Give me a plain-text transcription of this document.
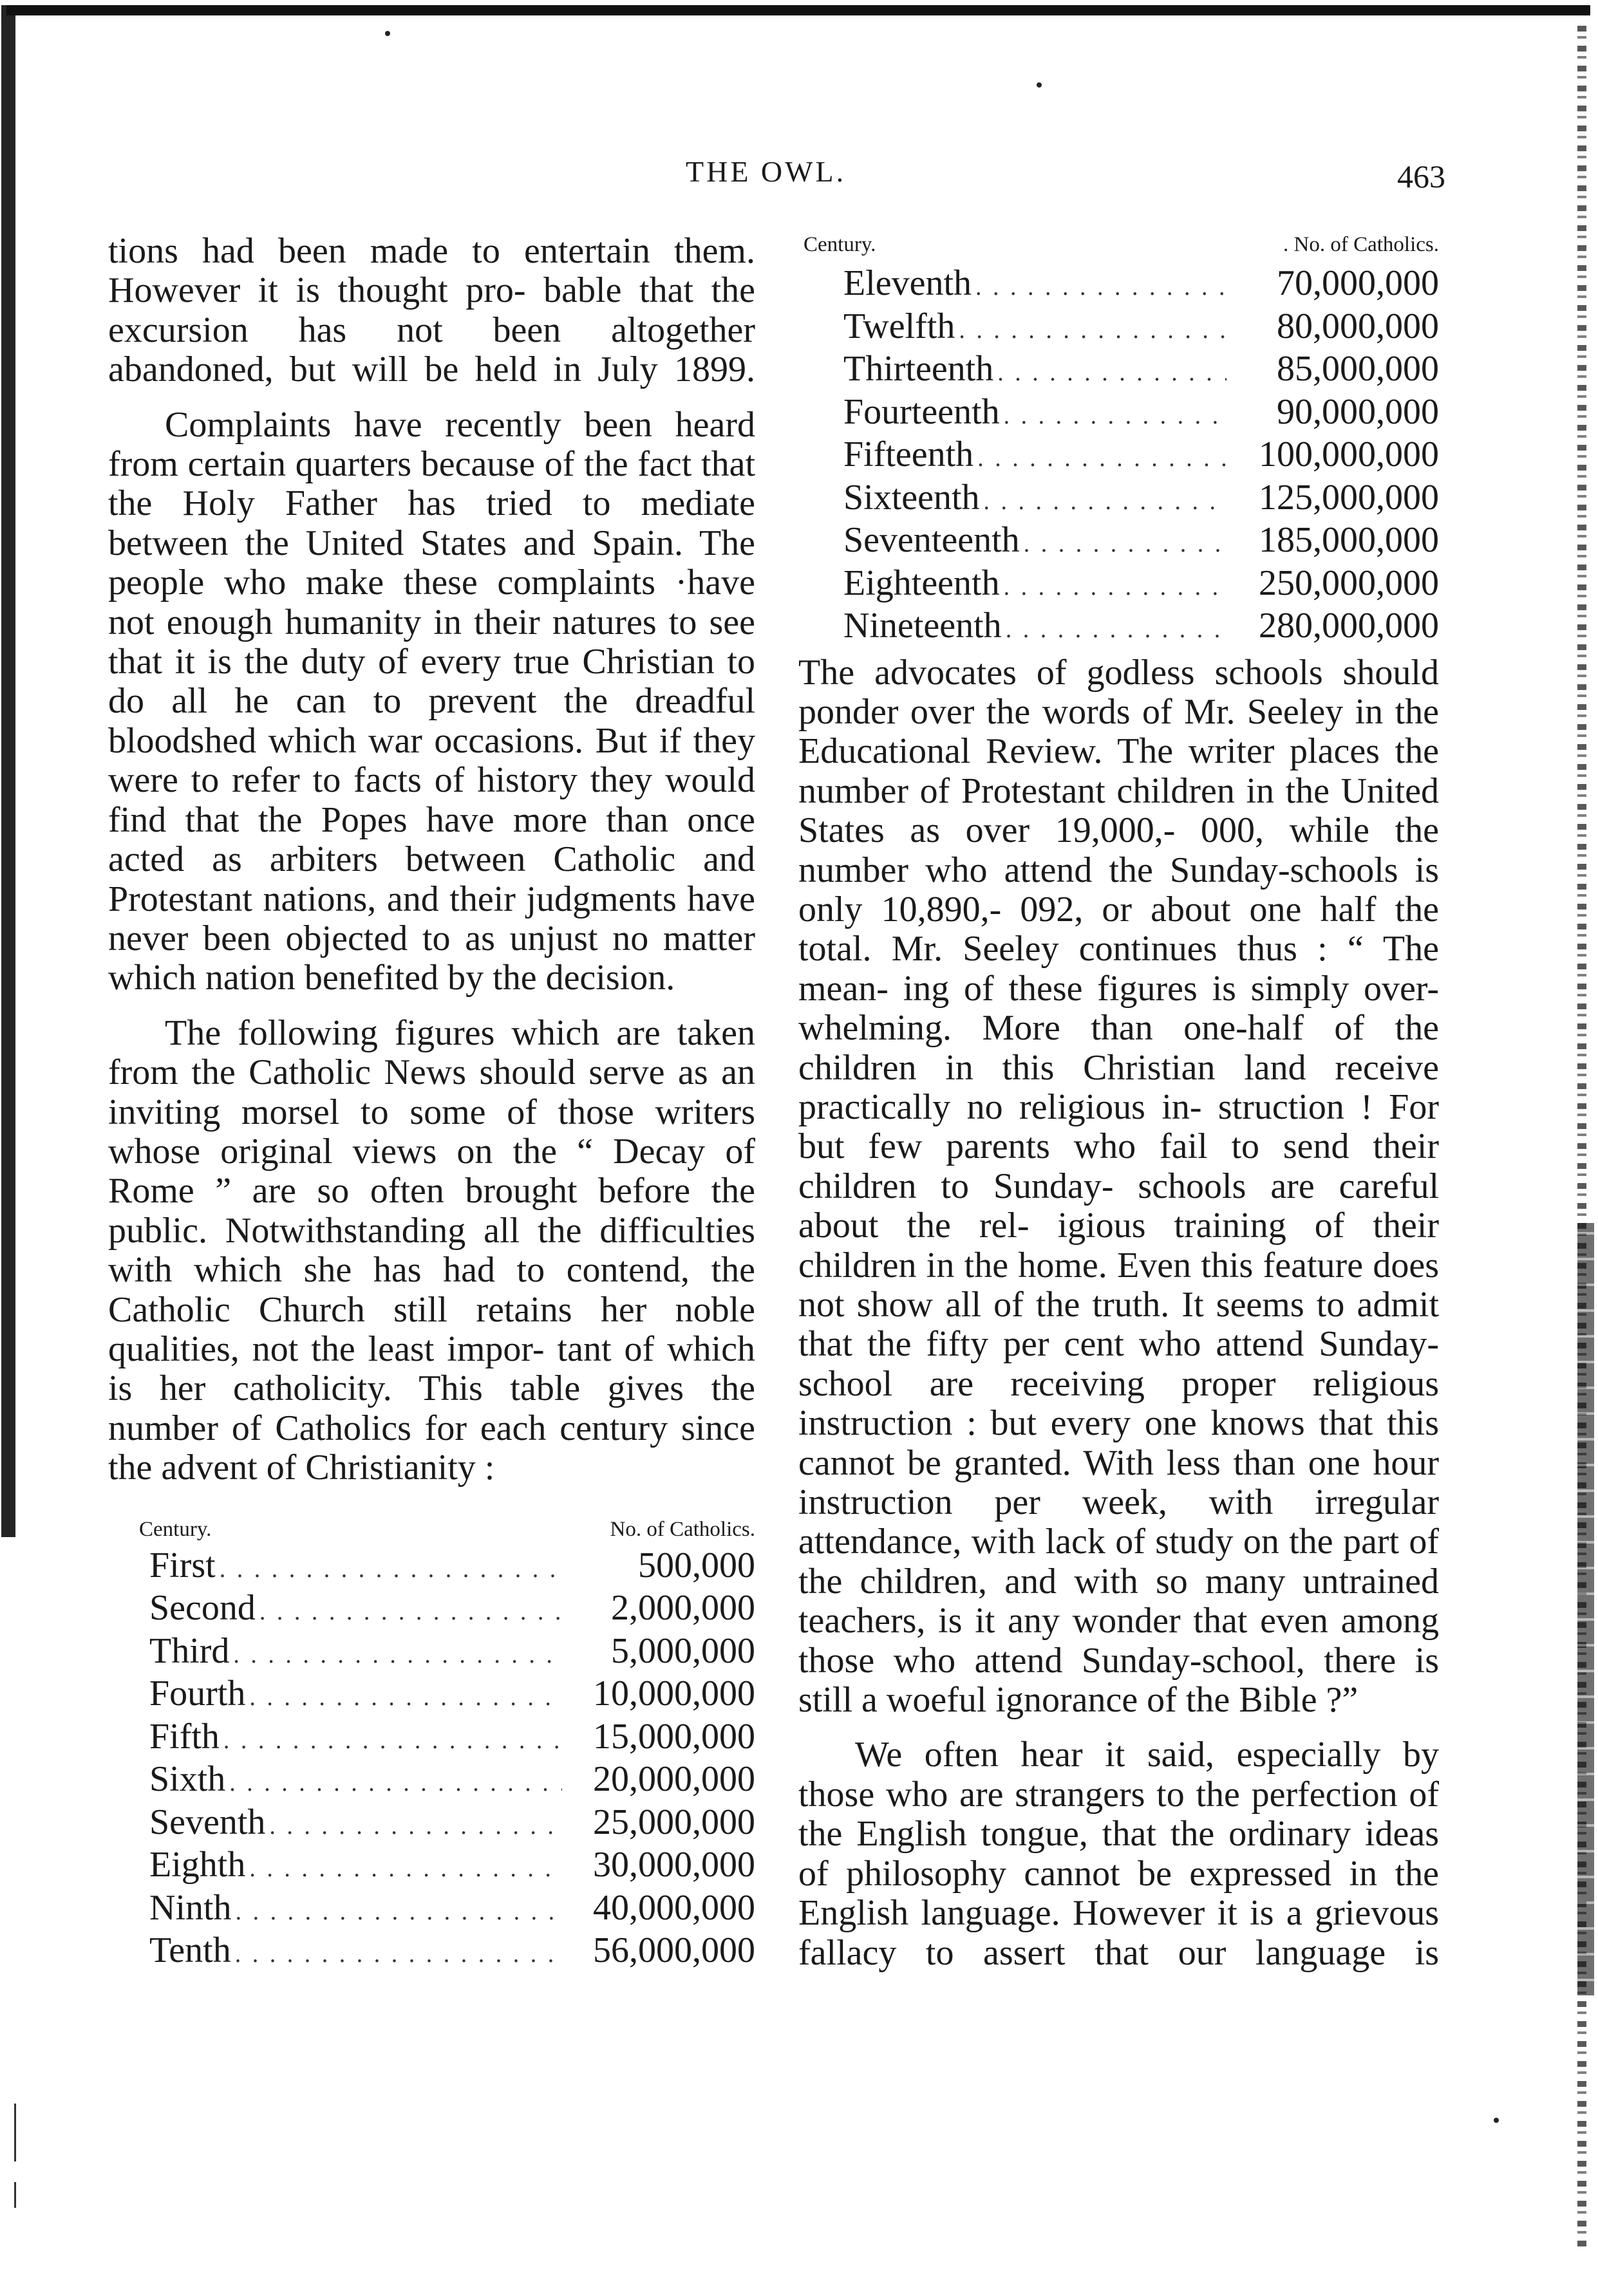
THE OWL.	463

tions had been made to entertain them. However it is thought pro- bable that the excursion has not been altogether abandoned, but will be held in July 1899.

Complaints have recently been heard from certain quarters because of the fact that the Holy Father has tried to mediate between the United States and Spain. The people who make these complaints ·have not enough humanity in their natures to see that it is the duty of every true Christian to do all he can to prevent the dreadful bloodshed which war occasions. But if they were to refer to facts of history they would find that the Popes have more than once acted as arbiters between Catholic and Protestant nations, and their judgments have never been objected to as unjust no matter which nation benefited by the decision.

The following figures which are taken from the Catholic News should serve as an inviting morsel to some of those writers whose original views on the “ Decay of Rome ” are so often brought before the public. Notwithstanding all the difficulties with which she has had to contend, the Catholic Church still retains her noble qualities, not the least impor- tant of which is her catholicity. This table gives the number of Catholics for each century since the advent of Christianity :

Century.	No. of Catholics.
First . . .	500,000
Second . . .	2,000,000
Third . . .	5,000,000
Fourth . . .	10,000,000
Fifth . . .	15,000,000
Sixth . . .	20,000,000
Seventh . . .	25,000,000
Eighth . . .	30,000,000
Ninth . . .	40,000,000
Tenth . . .	56,000,000
Century.	. No. of Catholics.
Eleventh . . .	70,000,000
Twelfth . . .	80,000,000
Thirteenth . . .	85,000,000
Fourteenth . . .	90,000,000
Fifteenth . . .	100,000,000
Sixteenth . . .	125,000,000
Seventeenth . . .	185,000,000
Eighteenth . . .	250,000,000
Nineteenth . . .	280,000,000

The advocates of godless schools should ponder over the words of Mr. Seeley in the Educational Review. The writer places the number of Protestant children in the United States as over 19,000,- 000, while the number who attend the Sunday-schools is only 10,890,- 092, or about one half the total. Mr. Seeley continues thus : “ The mean- ing of these figures is simply over- whelming. More than one-half of the children in this Christian land receive practically no religious in- struction ! For but few parents who fail to send their children to Sunday- schools are careful about the rel- igious training of their children in the home. Even this feature does not show all of the truth. It seems to admit that the fifty per cent who attend Sunday-school are receiving proper religious instruction : but every one knows that this cannot be granted. With less than one hour instruction per week, with irregular attendance, with lack of study on the part of the children, and with so many untrained teachers, is it any wonder that even among those who attend Sunday-school, there is still a woeful ignorance of the Bible ?”

We often hear it said, especially by those who are strangers to the perfection of the English tongue, that the ordinary ideas of philosophy cannot be expressed in the English language. However it is a grievous fallacy to assert that our language is
